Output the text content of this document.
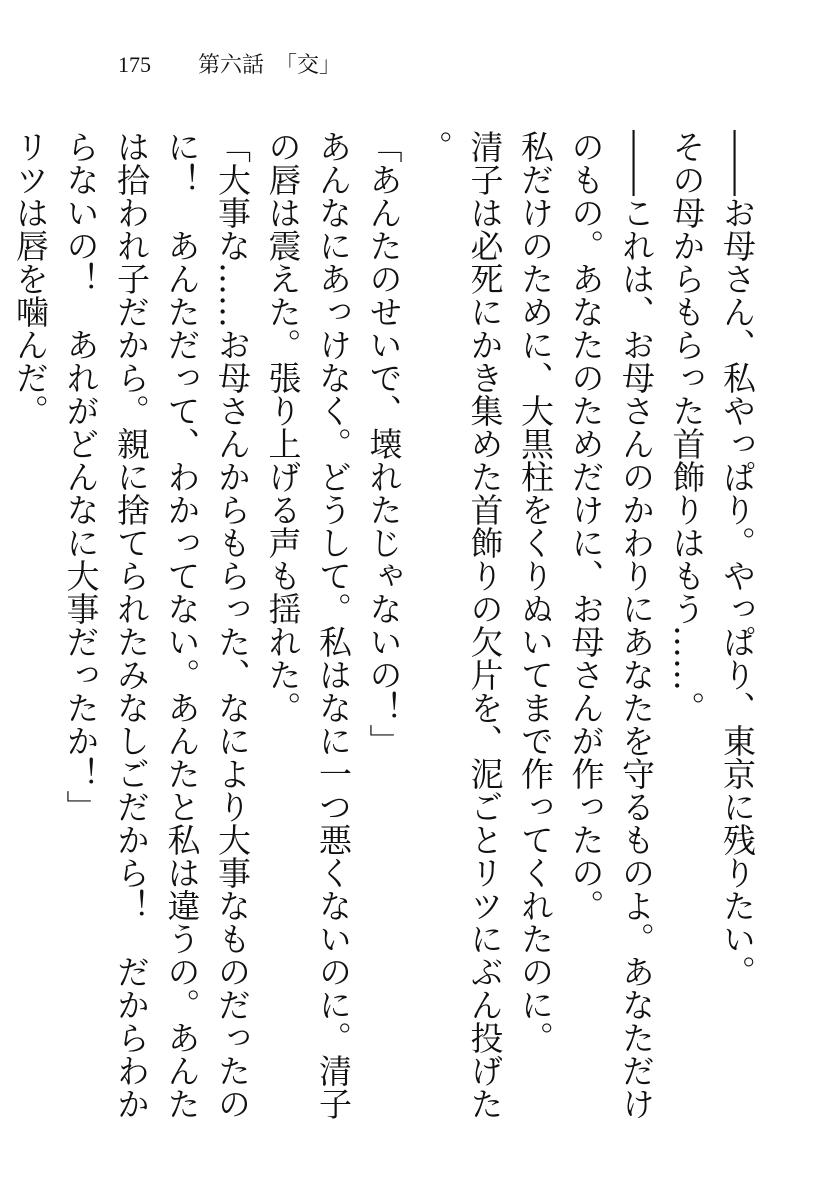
175 第六話　「交」

――お母さん、私やっぱり。やっぱり、東京に残りたい。

その母からもらった首飾りはもう……。

――これは、お母さんのかわりにあなたを守るものよ。あなただけのもの。あなたのためだけに、お母さんが作ったの。

私だけのために、大黒柱をくりぬいてまで作ってくれたのに。

清子は必死にかき集めた首飾りの欠片を、泥ごとリツにぶん投げた。

「あんたのせいで、壊れたじゃないの！」

あんなにあっけなく。どうして。私はなに一つ悪くないのに。清子の唇は震えた。張り上げる声も揺れた。

「大事な……お母さんからもらった、なにより大事なものだったのに！　あんただって、わかってない。あんたと私は違うの。あんたは拾われ子だから。親に捨てられたみなしごだから！　だからわからないの！　あれがどんなに大事だったか！」

リツは唇を噛んだ。
